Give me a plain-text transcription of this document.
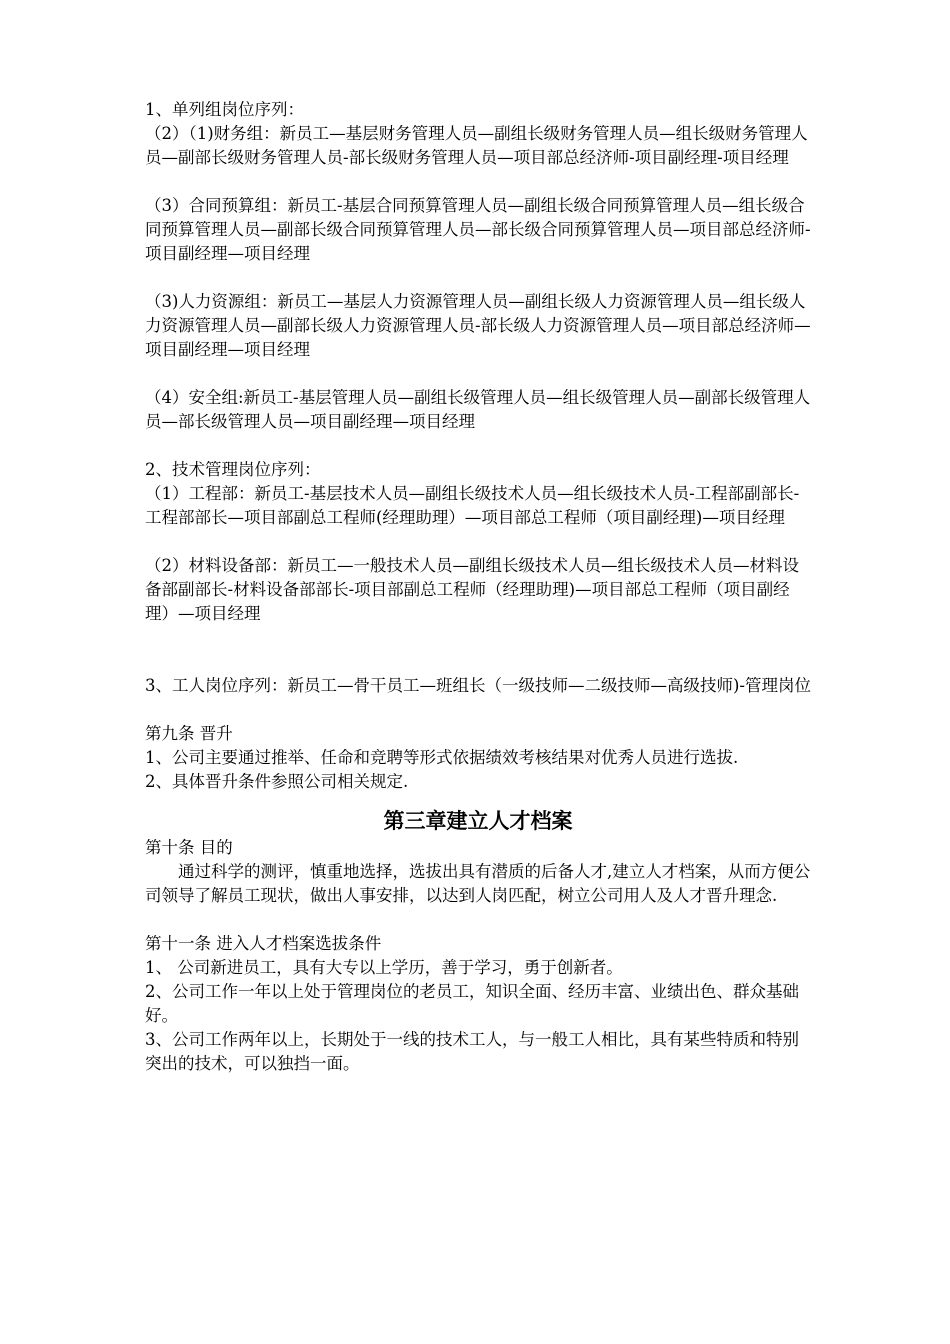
1、单列组岗位序列：

（2）（1)财务组：新员工—基层财务管理人员—副组长级财务管理人员—组长级财务管理人员—副部长级财务管理人员-部长级财务管理人员—项目部总经济师-项目副经理-项目经理

（3）合同预算组：新员工-基层合同预算管理人员—副组长级合同预算管理人员—组长级合同预算管理人员—副部长级合同预算管理人员—部长级合同预算管理人员—项目部总经济师-项目副经理—项目经理

（3)人力资源组：新员工—基层人力资源管理人员—副组长级人力资源管理人员—组长级人力资源管理人员—副部长级人力资源管理人员-部长级人力资源管理人员—项目部总经济师—项目副经理—项目经理

（4）安全组:新员工-基层管理人员—副组长级管理人员—组长级管理人员—副部长级管理人员—部长级管理人员—项目副经理—项目经理

2、技术管理岗位序列：

（1）工程部：新员工-基层技术人员—副组长级技术人员—组长级技术人员-工程部副部长-工程部部长—项目部副总工程师(经理助理）—项目部总工程师（项目副经理)—项目经理

（2）材料设备部：新员工—一般技术人员—副组长级技术人员—组长级技术人员—材料设备部副部长-材料设备部部长-项目部副总工程师（经理助理)—项目部总工程师（项目副经理）—项目经理

3、工人岗位序列：新员工—骨干员工—班组长（一级技师—二级技师—高级技师)-管理岗位

第九条 晋升

1、公司主要通过推举、任命和竞聘等形式依据绩效考核结果对优秀人员进行选拔.

2、具体晋升条件参照公司相关规定.

第三章建立人才档案

第十条 目的

通过科学的测评，慎重地选择，选拔出具有潜质的后备人才,建立人才档案，从而方便公司领导了解员工现状，做出人事安排，以达到人岗匹配，树立公司用人及人才晋升理念.

第十一条 进入人才档案选拔条件

1、 公司新进员工，具有大专以上学历，善于学习，勇于创新者。

2、公司工作一年以上处于管理岗位的老员工，知识全面、经历丰富、业绩出色、群众基础好。

3、公司工作两年以上，长期处于一线的技术工人，与一般工人相比，具有某些特质和特别突出的技术，可以独挡一面。
